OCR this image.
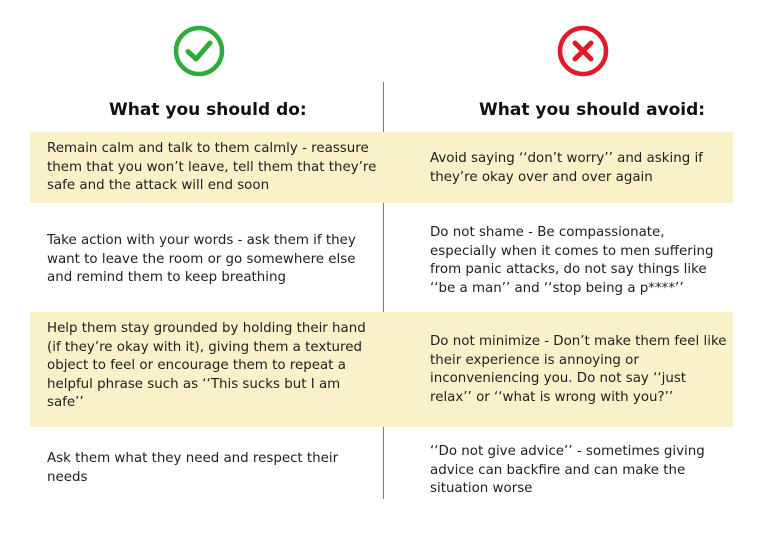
What you should do:	What you should avoid:
Remain calm and talk to them calmly - reassure them that you won’t leave, tell them that they’re safe and the attack will end soon
Avoid saying ‘‘don’t worry’’ and asking if they’re okay over and over again
Take action with your words - ask them if they want to leave the room or go somewhere else and remind them to keep breathing
Do not shame - Be compassionate, especially when it comes to men suffering from panic attacks, do not say things like ‘‘be a man’’ and ‘‘stop being a p****’’
Help them stay grounded by holding their hand (if they’re okay with it), giving them a textured object to feel or encourage them to repeat a helpful phrase such as ‘‘This sucks but I am safe’’
Do not minimize - Don’t make them feel like their experience is annoying or inconveniencing you. Do not say ‘‘just relax’’ or ‘‘what is wrong with you?’’
Ask them what they need and respect their needs
‘‘Do not give advice’’ - sometimes giving advice can backfire and can make the situation worse
